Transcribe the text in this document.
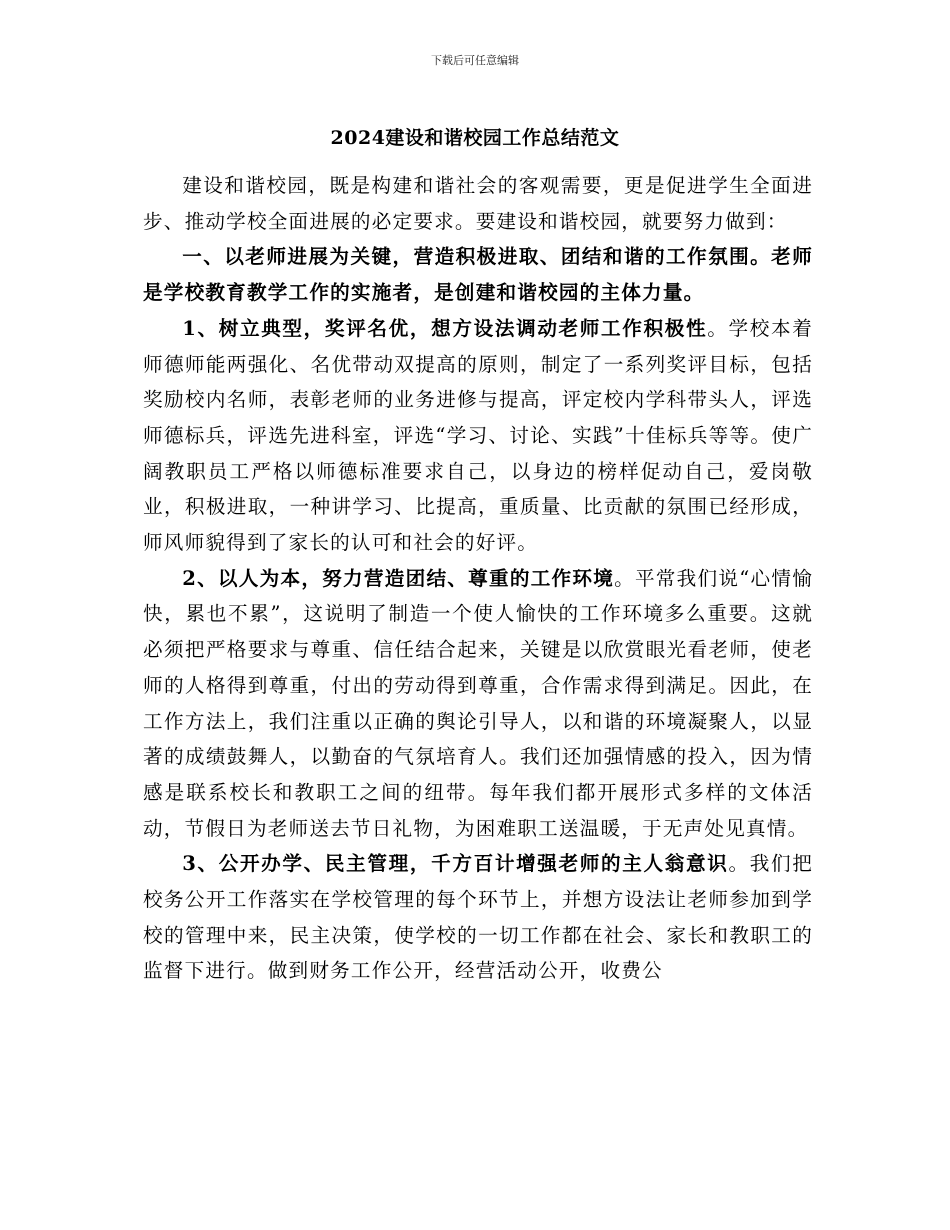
下载后可任意编辑
2024建设和谐校园工作总结范文

建设和谐校园，既是构建和谐社会的客观需要，更是促进学生全面进步、推动学校全面进展的必定要求。要建设和谐校园，就要努力做到：

一、以老师进展为关键，营造积极进取、团结和谐的工作氛围。老师是学校教育教学工作的实施者，是创建和谐校园的主体力量。

1、树立典型，奖评名优，想方设法调动老师工作积极性。学校本着师德师能两强化、名优带动双提高的原则，制定了一系列奖评目标，包括奖励校内名师，表彰老师的业务进修与提高，评定校内学科带头人，评选师德标兵，评选先进科室，评选“学习、讨论、实践”十佳标兵等等。使广阔教职员工严格以师德标准要求自己，以身边的榜样促动自己，爱岗敬业，积极进取，一种讲学习、比提高，重质量、比贡献的氛围已经形成，师风师貌得到了家长的认可和社会的好评。

2、以人为本，努力营造团结、尊重的工作环境。平常我们说“心情愉快，累也不累”，这说明了制造一个使人愉快的工作环境多么重要。这就必须把严格要求与尊重、信任结合起来，关键是以欣赏眼光看老师，使老师的人格得到尊重，付出的劳动得到尊重，合作需求得到满足。因此，在工作方法上，我们注重以正确的舆论引导人，以和谐的环境凝聚人，以显著的成绩鼓舞人，以勤奋的气氛培育人。我们还加强情感的投入，因为情感是联系校长和教职工之间的纽带。每年我们都开展形式多样的文体活动，节假日为老师送去节日礼物，为困难职工送温暖，于无声处见真情。

3、公开办学、民主管理，千方百计增强老师的主人翁意识。我们把校务公开工作落实在学校管理的每个环节上，并想方设法让老师参加到学校的管理中来，民主决策，使学校的一切工作都在社会、家长和教职工的监督下进行。做到财务工作公开，经营活动公开，收费公
